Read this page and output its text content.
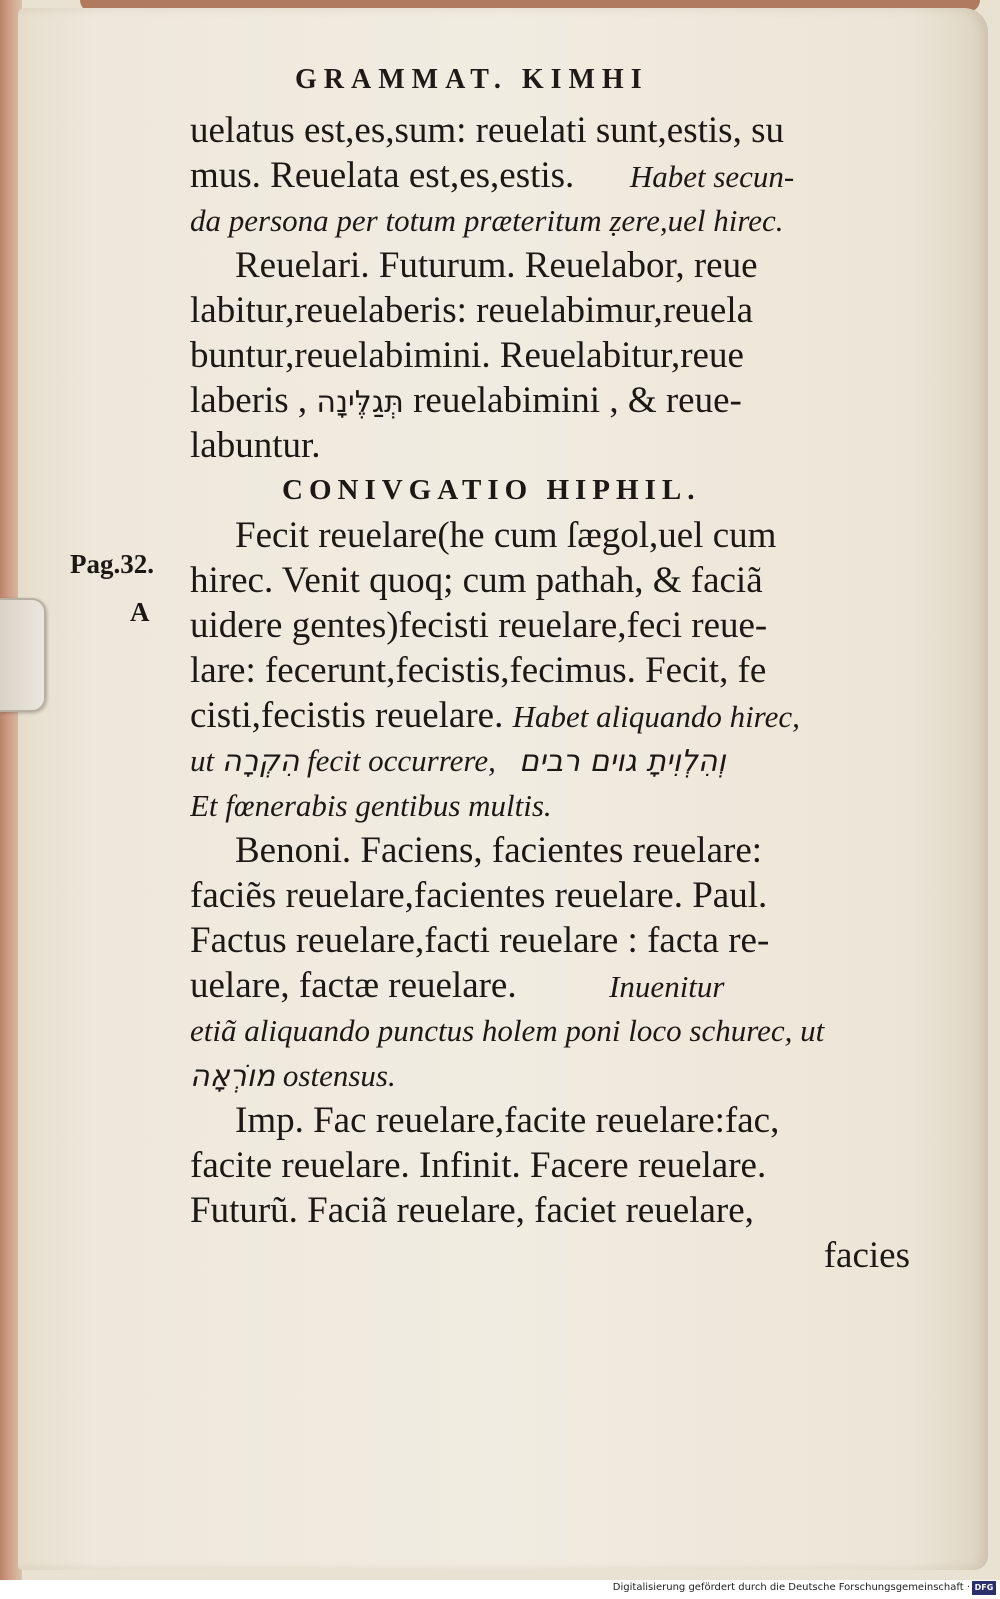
GRAMMAT. KIMHI
Pag.32.
A
uelatus est,es,sum: reuelati sunt,estis, su
mus. Reuelata est,es,estis. Habet secun-
da persona per totum præteritum ẓere,uel hirec.
Reuelari. Futurum. Reuelabor, reue
labitur,reuelaberis: reuelabimur,reuela
buntur,reuelabimini. Reuelabitur,reue
laberis , תְּגַלֶּינָה reuelabimini , & reue-
labuntur.
CONIVGATIO HIPHIL.
Fecit reuelare(he cum ſægol,uel cum
hirec. Venit quoq; cum pathah, & faciã
uidere gentes)fecisti reuelare,feci reue-
lare: fecerunt,fecistis,fecimus. Fecit, fe
cisti,fecistis reuelare. Habet aliquando hirec,
ut הִקְרָה fecit occurrere, וְהִלְוִיתָ גוים רבים
Et fœnerabis gentibus multis.
Benoni. Faciens, facientes reuelare:
faciẽs reuelare,facientes reuelare. Paul.
Factus reuelare,facti reuelare : facta re-
uelare, factæ reuelare.	Inuenitur
etiã aliquando punctus holem poni loco schurec, ut
מוֹרְאָה ostensus.
Imp. Fac reuelare,facite reuelare:fac,
facite reuelare. Infinit. Facere reuelare.
Futurũ. Faciã reuelare, faciet reuelare,
facies
Digitalisierung gefördert durch die Deutsche Forschungsgemeinschaft · DFG
